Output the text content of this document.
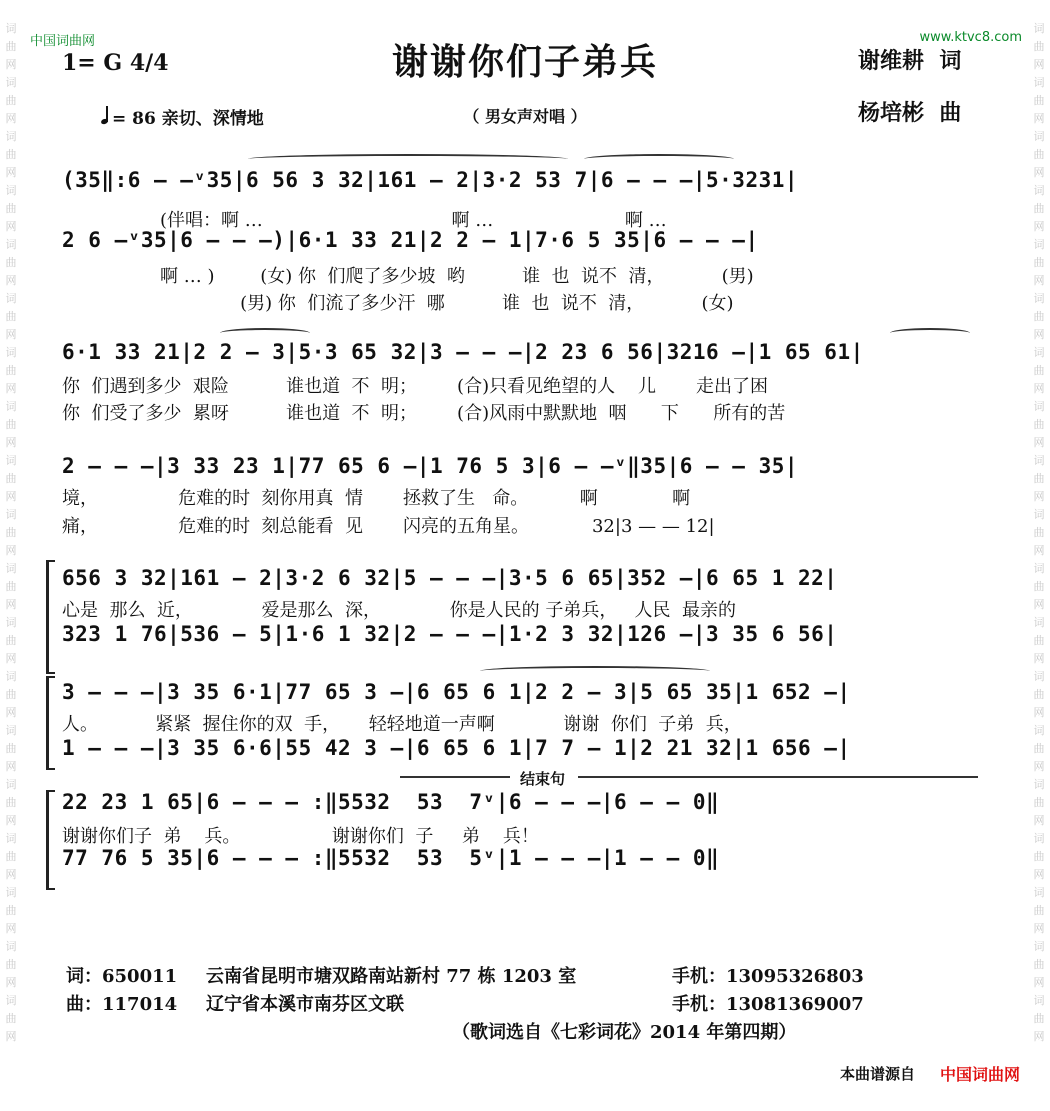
词曲网词曲网词曲网词曲网词曲网词曲网词曲网词曲网词曲网词曲网词曲网词曲网词曲网词曲网词曲网词曲网词曲网词曲网词曲网
词曲网词曲网词曲网词曲网词曲网词曲网词曲网词曲网词曲网词曲网词曲网词曲网词曲网词曲网词曲网词曲网词曲网词曲网词曲网
中国词曲网	www.ktvc8.com
谢谢你们子弟兵
1= G 4/4	谢维耕  词
杨培彬  曲
= 86 亲切、深情地	（ 男女声对唱 ）
(35‖:6 — —ᵛ35|6 56 3 32|161 — 2|3·2 53 7|6 — — —|5·3231|
(伴唱：啊 …                                 啊 …                       啊 …
2 6 —ᵛ35|6 — — —)|6·1 33 21|2 2 — 1|7·6 5 35|6 — — —|
啊 … )        (女) 你  们爬了多少坡  哟          谁  也  说不  清，          (男)
(男) 你  们流了多少汗  哪          谁  也  说不  清，          (女)
6·1 33 21|2 2 — 3|5·3 65 32|3 — — —|2 23 6 56|3216 —|1 65 61|
你  们遇到多少  艰险          谁也道  不  明；       (合)只看见绝望的人    儿       走出了困
你  们受了多少  累呀          谁也道  不  明；       (合)风雨中默默地  咽      下      所有的苦
2 — — —|3 33 23 1|77 65 6 —|1 76 5 3|6 — —ᵛ‖35|6 — — 35|
境，              危难的时  刻你用真  情       拯救了生   命。         啊             啊
痛，              危难的时  刻总能看  见       闪亮的五角星。           32|3 — — 12|
656 3 32|161 — 2|3·2 6 32|5 — — —|3·5 6 65|352 —|6 65 1 22|
心是  那么  近，            爱是那么  深，            你是人民的 子弟兵，   人民  最亲的
323 1 76|536 — 5|1·6 1 32|2 — — —|1·2 3 32|126 —|3 35 6 56|
3 — — —|3 35 6·1|77 65 3 —|6 65 6 1|2 2 — 3|5 65 35|1 652 —|
人。          紧紧  握住你的双  手，     轻轻地道一声啊            谢谢  你们  子弟  兵，
1 — — —|3 35 6·6|55 42 3 —|6 65 6 1|7 7 — 1|2 21 32|1 656 —|
结束句
22 23 1 65|6 — — — :‖5532  53  7ᵛ|6 — — —|6 — — 0‖
谢谢你们子  弟    兵。                谢谢你们  子     弟    兵！
77 76 5 35|6 — — — :‖5532  53  5ᵛ|1 — — —|1 — — 0‖
词：650011 云南省昆明市塘双路南站新村 77 栋 1203 室	手机：13095326803
曲：117014 辽宁省本溪市南芬区文联	手机：13081369007
（歌词选自《七彩词花》2014 年第四期）
本曲谱源自 中国词曲网
